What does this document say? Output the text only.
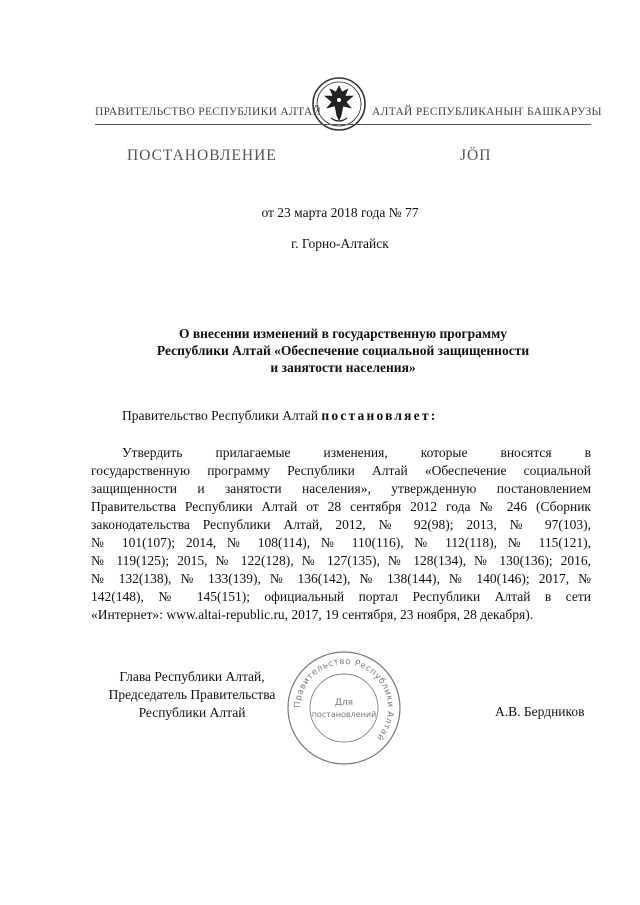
ПРАВИТЕЛЬСТВО РЕСПУБЛИКИ АЛТАЙ	АЛТАЙ РЕСПУБЛИКАНЫҤ БАШКАРУЗЫ
ПОСТАНОВЛЕНИЕ	JÖП
от 23 марта 2018 года № 77
г. Горно-Алтайск
О внесении изменений в государственную программу
Республики Алтай «Обеспечение социальной защищенности
и занятости населения»
Правительство Республики Алтай постановляет:
Утвердить прилагаемые изменения, которые вносятся в
государственную программу Республики Алтай «Обеспечение социальной
защищенности и занятости населения», утвержденную постановлением
Правительства Республики Алтай от 28 сентября 2012 года № 246 (Сборник
законодательства Республики Алтай, 2012, № 92(98); 2013, № 97(103),
№ 101(107); 2014, № 108(114), № 110(116), № 112(118), № 115(121),
№ 119(125); 2015, № 122(128), № 127(135), № 128(134), № 130(136); 2016,
№ 132(138), № 133(139), № 136(142), № 138(144), № 140(146); 2017, №
142(148), № 145(151); официальный портал Республики Алтай в сети
«Интернет»: www.altai-republic.ru, 2017, 19 сентября, 23 ноября, 28 декабря).
Правительство Республики Алтай
Для
постановлений
Глава Республики Алтай,
Председатель Правительства
Республики Алтай	А.В. Бердников
